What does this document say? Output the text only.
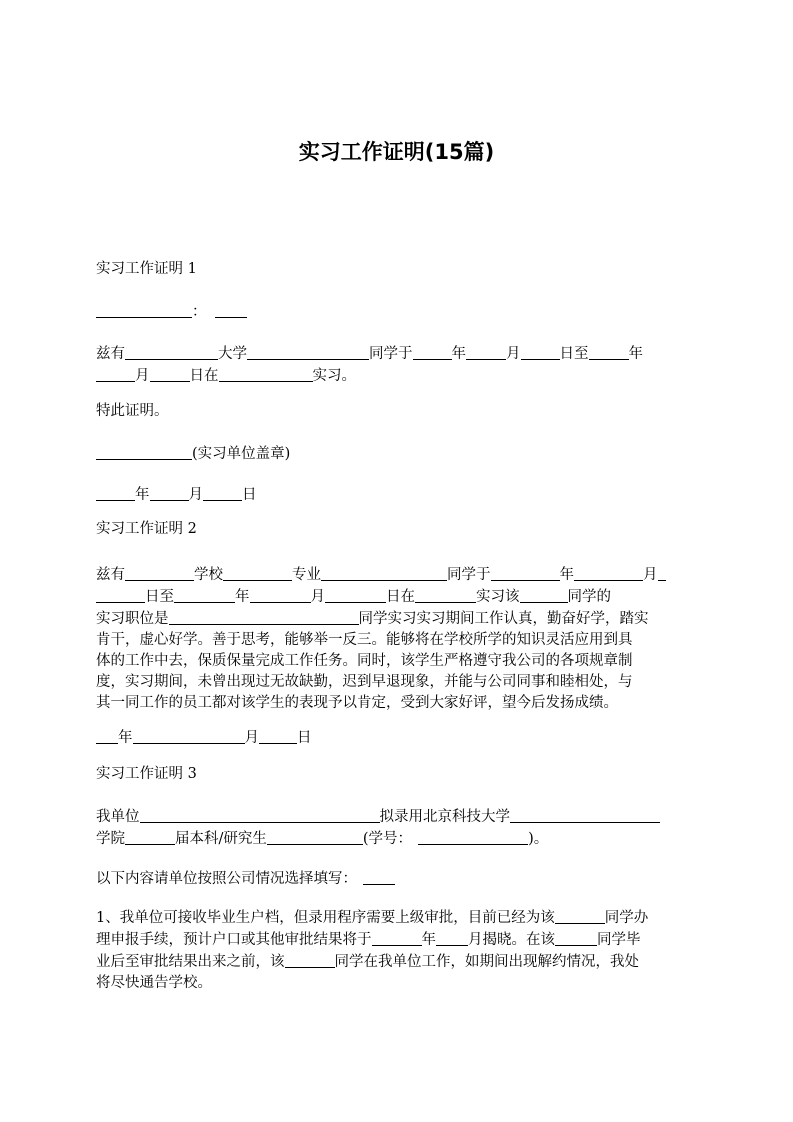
实习工作证明(15篇)
实习工作证明 1
：
兹有	大学	同学于	年	月	日至	年
月	日在	实习。
特此证明。
(实习单位盖章)
年	月	日
实习工作证明 2
兹有	学校	专业	同学于	年	月
日至	年	月	日在	实习该	同学的
实习职位是	同学实习实习期间工作认真，勤奋好学，踏实
肯干，虚心好学。善于思考，能够举一反三。能够将在学校所学的知识灵活应用到具
体的工作中去，保质保量完成工作任务。同时，该学生严格遵守我公司的各项规章制
度，实习期间，未曾出现过无故缺勤，迟到早退现象，并能与公司同事和睦相处，与
其一同工作的员工都对该学生的表现予以肯定，受到大家好评，望今后发扬成绩。
年	月	日
实习工作证明 3
我单位	拟录用北京科技大学
学院	届本科/研究生	(学号：	)。
以下内容请单位按照公司情况选择填写：
1、我单位可接收毕业生户档，但录用程序需要上级审批，目前已经为该	同学办
理申报手续，预计户口或其他审批结果将于	年 月揭晓。在该	同学毕
业后至审批结果出来之前，该	同学在我单位工作，如期间出现解约情况，我处
将尽快通告学校。
